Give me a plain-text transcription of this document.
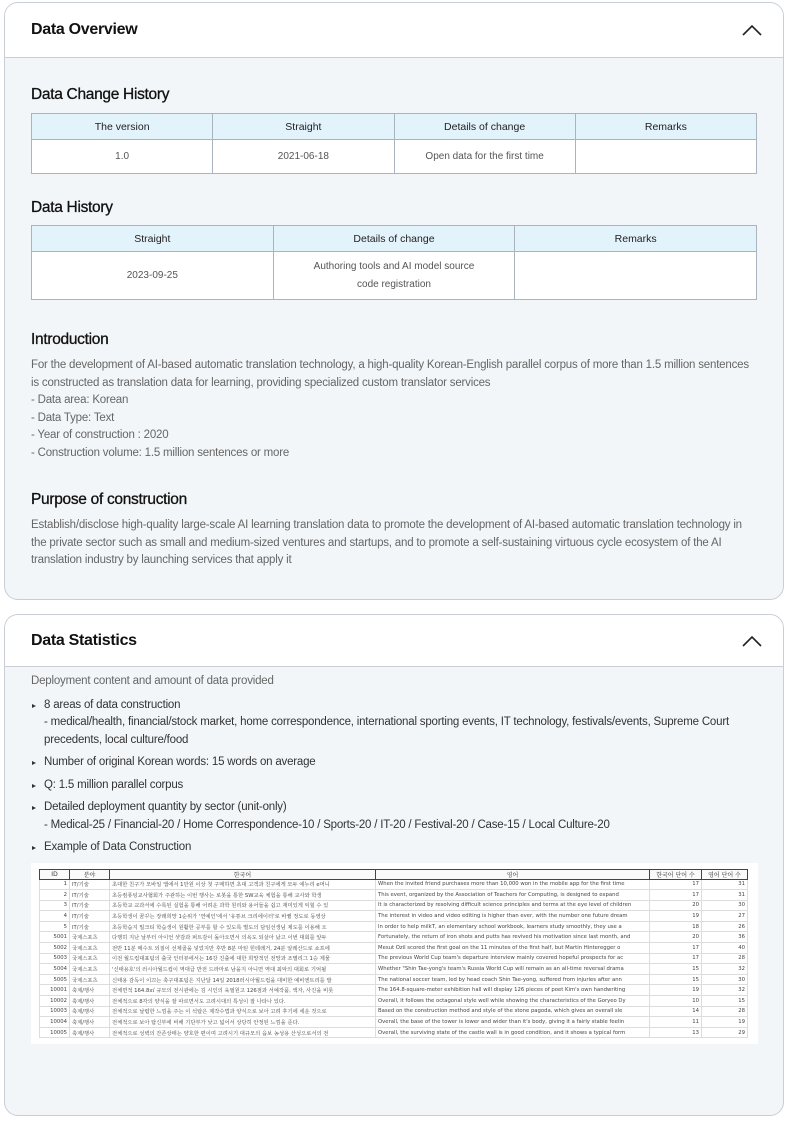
Data Overview
Data Change History
The version	Straight	Details of change	Remarks
1.0	2021-06-18	Open data for the first time	
Data History
Straight	Details of change	Remarks
2023-09-25	Authoring tools and AI model source code registration	
Introduction
For the development of AI-based automatic translation technology, a high-quality Korean-English parallel corpus of more than 1.5 million sentences is constructed as translation data for learning, providing specialized custom translator services
- Data area: Korean
- Data Type: Text
- Year of construction : 2020
- Construction volume: 1.5 million sentences or more
Purpose of construction
Establish/disclose high-quality large-scale AI learning translation data to promote the development of AI-based automatic translation technology in the private sector such as small and medium-sized ventures and startups, and to promote a self-sustaining virtuous cycle ecosystem of the AI translation industry by launching services that apply it
Data Statistics
Deployment content and amount of data provided
8 areas of data construction
- medical/health, financial/stock market, home correspondence, international sporting events, IT technology, festivals/events, Supreme Court precedents, local culture/food
Number of original Korean words: 15 words on average
Q: 1.5 million parallel corpus
Detailed deployment quantity by sector (unit-only)
- Medical-25 / Financial-20 / Home Correspondence-10 / Sports-20 / IT-20 / Festival-20 / Case-15 / Local Culture-20
Example of Data Construction
ID	분야	한국어	영어	한국어 단어 수	영어 단어 수
1	IT/기술	초대한 친구가 모바일 앱에서 1만원 이상 첫 구매하면 초대 고객과 친구에게 모두 에누리 e머니	When the invited friend purchases more than 10,000 won in the mobile app for the first time	17	31
2	IT/기술	초등컴퓨팅교사협회가 주관하는 이번 행사는 로봇을 통한 SW교육 체험을 통해 교사와 학생	This event, organized by the Association of Teachers for Computing, is designed to expand	17	31
3	IT/기술	초등학교 교과서에 수록된 실험을 통해 어려운 과학 원리와 용어들을 쉽고 재미있게 익힐 수 있	It is characterized by resolving difficult science principles and terms at the eye level of children	20	30
4	IT/기술	초등학생이 꿈꾸는 장래희망 1순위가 '연예인'에서 '유튜브 크리에이터'로 바뀔 정도로 동영상	The interest in video and video editing is higher than ever, with the number one future dream	19	27
5	IT/기술	초등학습지 밀크티 학습생이 원활한 공부를 할 수 있도록 별도의 담임선생님 제도를 이용해 오	In order to help milkT, an elementary school workbook, learners study smoothly, they use a	18	26
5001	국제스포츠	다행히 지난 날부터 아이언 샷감과 퍼트감이 돌아오면서 의욕도 되살아 났고 이번 대회를 앞두	Fortunately, the return of iron shots and putts has revived his motivation since last month, and	20	36
5002	국제스포츠	전반 11분 메수트 외질이 선제골을 넣었지만 후반 8분 마틴 힌테레거, 24분 알레산드로 쇼프에	Mesut Ozil scored the first goal on the 11 minutes of the first half, but Martin Hinteregger o	17	40
5003	국제스포츠	이전 월드컵대표팀의 출국 인터뷰에서는 16강 진출에 대한 희망적인 전망과 조별리그 1승 제물	The previous World Cup team's departure interview mainly covered hopeful prospects for ac	17	28
5004	국제스포츠	'신태용호'의 러시아월드컵이 역대급 반전 드라마로 남을지 아니면 역대 최악의 대회로 기억될	Whether "Shin Tae-yong's team's Russia World Cup will remain as an all-time reversal drama	15	32
5005	국제스포츠	신태용 감독이 이끄는 축구대표팀은 지난달 14일 2018러시아월드컵을 대비한 예비엔트리를 발	The national soccer team, led by head coach Shin Tae-yong, suffered from injuries after ann	15	30
10001	축제/행사	전체면적 164.8㎡ 규모의 전시관에는 김 시인의 육필원고 126점과 서예작품, 액자, 사진을 비롯	The 164.8-square-meter exhibition hall will display 126 pieces of poet Kim's own handwriting	19	32
10002	축제/행사	전체적으로 8각의 양식을 잘 따르면서도 고려시대의 특성이 잘 나타나 있다.	Overall, it follows the octagonal style well while showing the characteristics of the Goryeo Dy	10	15
10003	축제/행사	전체적으로 날렵한 느낌을 주는 이 석탑은 제작수법과 양식으로 보아 고려 후기에 세운 것으로	Based on the construction method and style of the stone pagoda, which gives an overall sle	14	28
10004	축제/행사	전체적으로 보아 탑신부에 비해 기단부가 낮고 넓어서 상당히 안정된 느낌을 준다.	Overall, the base of the tower is lower and wider than it's body, giving it a fairly stable feelin	11	19
10005	축제/행사	전체적으로 성벽의 잔존상태는 양호한 편이며 고려시기 대규모의 읍보 농성용 산성으로서의 전	Overall, the surviving state of the castle wall is in good condition, and it shows a typical form	13	29
